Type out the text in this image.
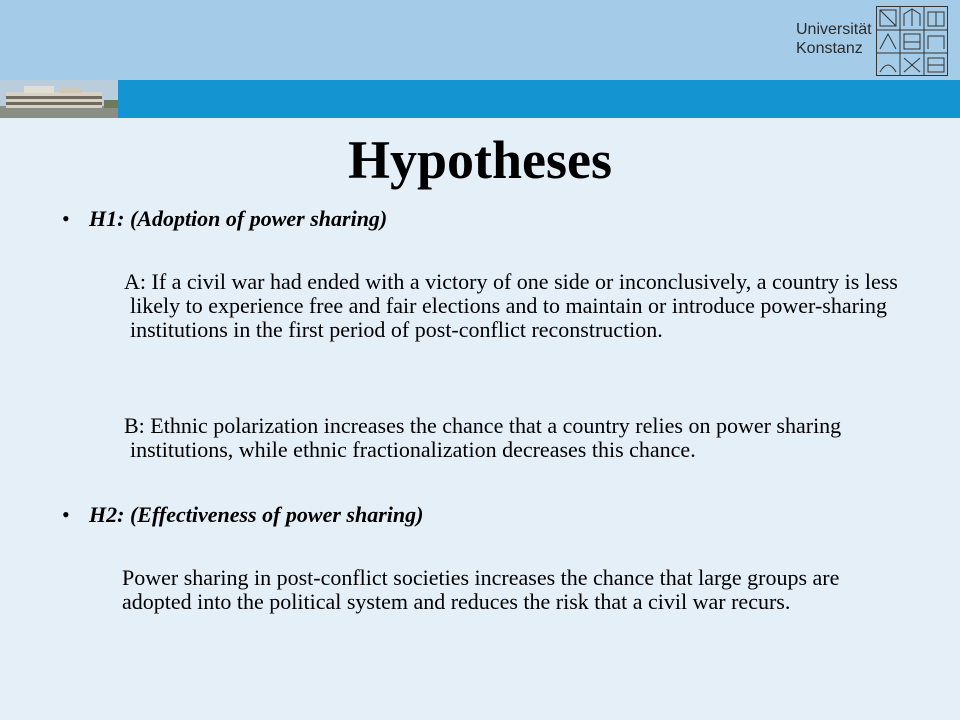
Universität
Konstanz
Hypotheses
• H1: (Adoption of power sharing)
A: If a civil war had ended with a victory of one side or inconclusively, a country is less likely to experience free and fair elections and to maintain or introduce power-sharing institutions in the first period of post-conflict reconstruction.
B: Ethnic polarization increases the chance that a country relies on power sharing institutions, while ethnic fractionalization decreases this chance.
• H2: (Effectiveness of power sharing)
Power sharing in post-conflict societies increases the chance that large groups are adopted into the political system and reduces the risk that a civil war recurs.
